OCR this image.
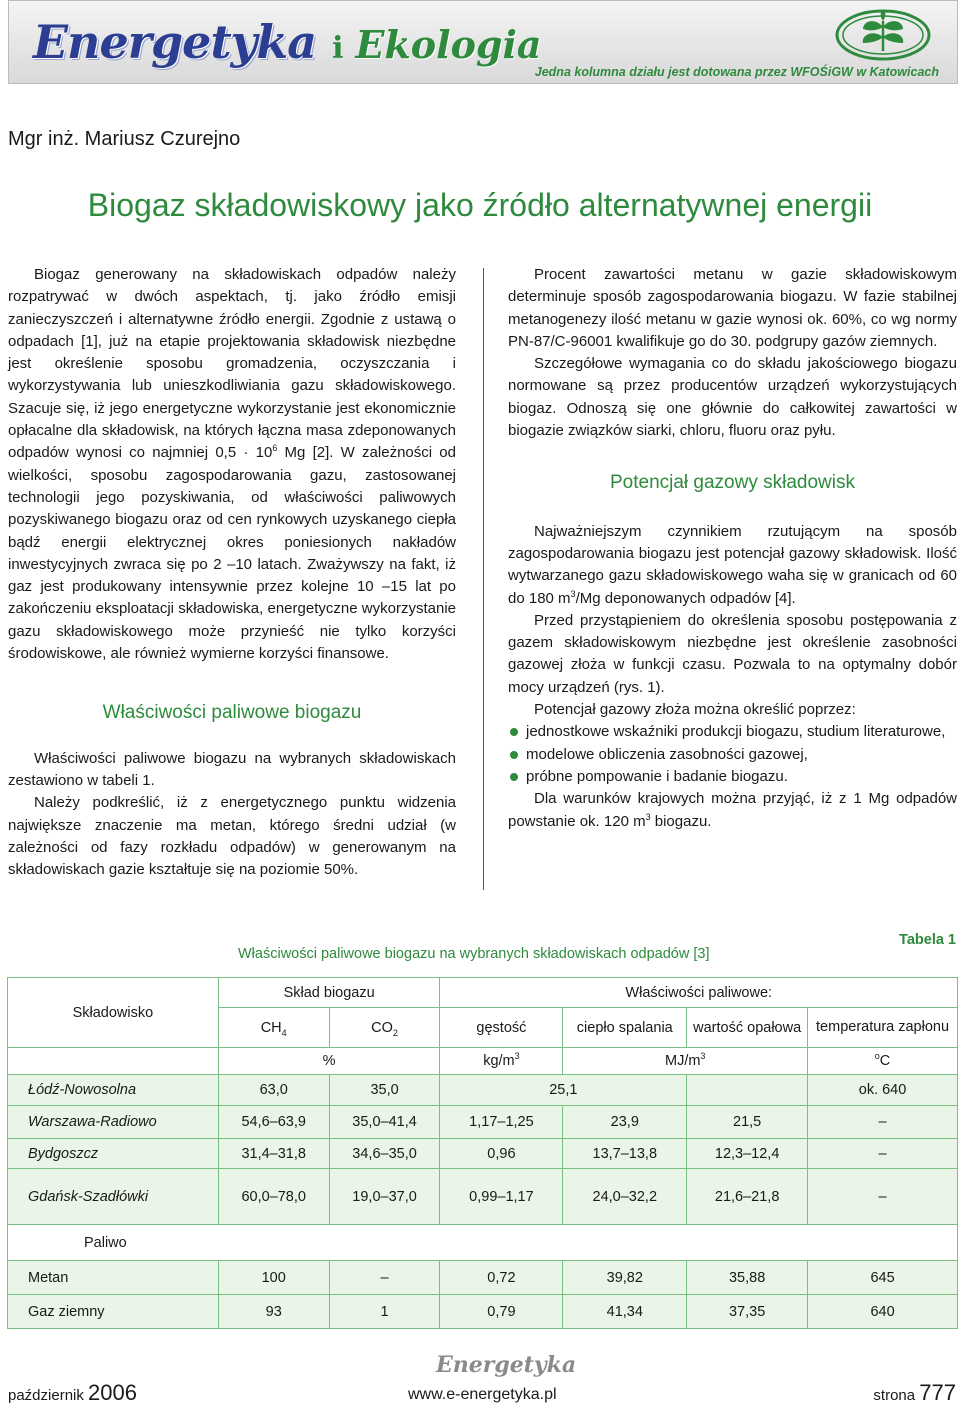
Energetyka i Ekologia
Jedna kolumna działu jest dotowana przez WFOŚiGW w Katowicach
Mgr inż. Mariusz Czurejno
Biogaz składowiskowy jako źródło alternatywnej energii

Biogaz generowany na składowiskach odpadów należy rozpatrywać w dwóch aspektach, tj. jako źródło emisji zanieczyszczeń i alternatywne źródło energii. Zgodnie z ustawą o odpadach [1], już na etapie projektowania składowisk niezbędne jest określenie sposobu gromadzenia, oczyszczania i wykorzystywania lub unieszkodliwiania gazu składowiskowego. Szacuje się, iż jego energetyczne wykorzystanie jest ekonomicznie opłacalne dla składowisk, na których łączna masa zdeponowanych odpadów wynosi co najmniej $0,5 \cdot 10^6$ Mg [2]. W zależności od wielkości, sposobu zagospodarowania gazu, zastosowanej technologii jego pozyskiwania, od właściwości paliwowych pozyskiwanego biogazu oraz od cen rynkowych uzyskanego ciepła bądź energii elektrycznej okres poniesionych nakładów inwestycyjnych zwraca się po 2 –10 latach. Zważywszy na fakt, iż gaz jest produkowany intensywnie przez kolejne 10 –15 lat po zakończeniu eksploatacji składowiska, energetyczne wykorzystanie gazu składowiskowego może przynieść nie tylko korzyści środowiskowe, ale również wymierne korzyści finansowe.

Właściwości paliwowe biogazu

Właściwości paliwowe biogazu na wybranych składowiskach zestawiono w tabeli 1.

Należy podkreślić, iż z energetycznego punktu widzenia największe znaczenie ma metan, którego średni udział (w zależności od fazy rozkładu odpadów) w generowanym na składowiskach gazie kształtuje się na poziomie 50%.

Procent zawartości metanu w gazie składowiskowym determinuje sposób zagospodarowania biogazu. W fazie stabilnej metanogenezy ilość metanu w gazie wynosi ok. 60%, co wg normy PN-87/C-96001 kwalifikuje go do 30. podgrupy gazów ziemnych.

Szczegółowe wymagania co do składu jakościowego biogazu normowane są przez producentów urządzeń wykorzystujących biogaz. Odnoszą się one głównie do całkowitej zawartości w biogazie związków siarki, chloru, fluoru oraz pyłu.

Potencjał gazowy składowisk

Najważniejszym czynnikiem rzutującym na sposób zagospodarowania biogazu jest potencjał gazowy składowisk. Ilość wytwarzanego gazu składowiskowego waha się w granicach od 60 do 180 $m^3/Mg$ deponowanych odpadów [4].

Przed przystąpieniem do określenia sposobu postępowania z gazem składowiskowym niezbędne jest określenie zasobności gazowej złoża w funkcji czasu. Pozwala to na optymalny dobór mocy urządzeń (rys. 1).

Potencjał gazowy złoża można określić poprzez:

jednostkowe wskaźniki produkcji biogazu, studium literaturowe,
modelowe obliczenia zasobności gazowej,
próbne pompowanie i badanie biogazu.

Dla warunków krajowych można przyjąć, iż z 1 Mg odpadów powstanie ok. 120 $m^3$ biogazu.

Tabela 1
Właściwości paliwowe biogazu na wybranych składowiskach odpadów [3]
Składowisko	Skład biogazu		Właściwości paliwowe:			
	$CH_4$	$CO_2$	gęstość	ciepło spalania	wartość opałowa	temperatura zapłonu
	%		$kg/m^3$	$MJ/m^3$		$^o$C
Łódź-Nowosolna	63,0	35,0	25,1			ok. 640
Warszawa-Radiowo	54,6–63,9	35,0–41,4	1,17–1,25	23,9	21,5	–
Bydgoszcz	31,4–31,8	34,6–35,0	0,96	13,7–13,8	12,3–12,4	–
Gdańsk-Szadłówki	60,0–78,0	19,0–37,0	0,99–1,17	24,0–32,2	21,6–21,8	–
Paliwo						
Metan	100	–	0,72	39,82	35,88	645
Gaz ziemny	93	1	0,79	41,34	37,35	640
Energetyka
październik 2006	www.e-energetyka.pl	strona 777
